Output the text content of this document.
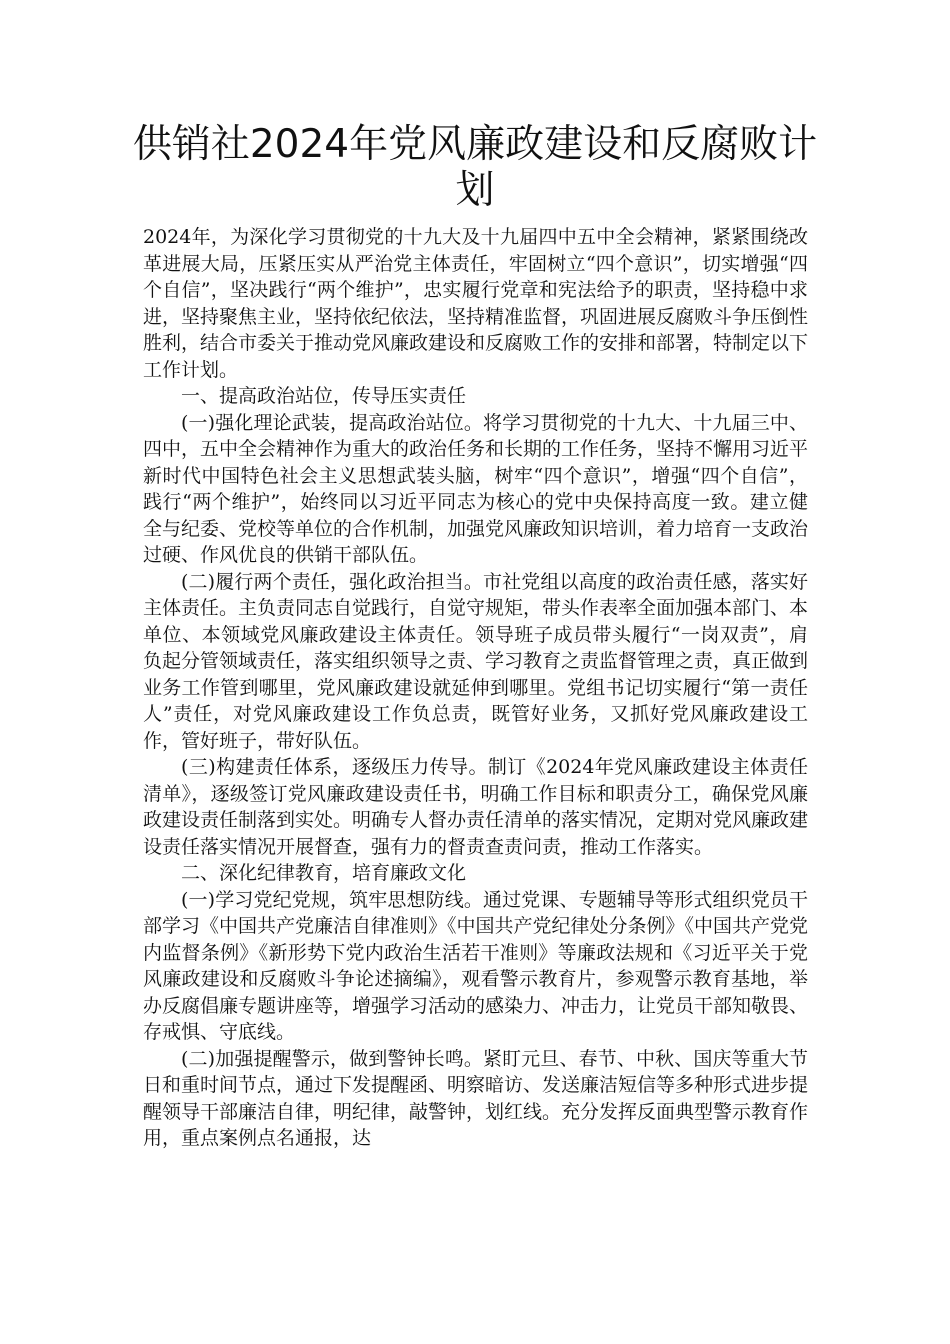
供销社2024年党风廉政建设和反腐败计划

2024年，为深化学习贯彻党的十九大及十九届四中五中全会精神，紧紧围绕改革进展大局，压紧压实从严治党主体责任，牢固树立“四个意识”，切实增强“四个自信”，坚决践行“两个维护”，忠实履行党章和宪法给予的职责，坚持稳中求进，坚持聚焦主业，坚持依纪依法，坚持精准监督，巩固进展反腐败斗争压倒性胜利，结合市委关于推动党风廉政建设和反腐败工作的安排和部署，特制定以下工作计划。

一、提高政治站位，传导压实责任

(一)强化理论武装，提高政治站位。将学习贯彻党的十九大、十九届三中、四中，五中全会精神作为重大的政治任务和长期的工作任务，坚持不懈用习近平新时代中国特色社会主义思想武装头脑，树牢“四个意识”，增强“四个自信”，践行“两个维护”，始终同以习近平同志为核心的党中央保持高度一致。建立健全与纪委、党校等单位的合作机制，加强党风廉政知识培训，着力培育一支政治过硬、作风优良的供销干部队伍。

(二)履行两个责任，强化政治担当。市社党组以高度的政治责任感，落实好主体责任。主负责同志自觉践行，自觉守规矩，带头作表率全面加强本部门、本单位、本领域党风廉政建设主体责任。领导班子成员带头履行“一岗双责”，肩负起分管领域责任，落实组织领导之责、学习教育之责监督管理之责，真正做到业务工作管到哪里，党风廉政建设就延伸到哪里。党组书记切实履行“第一责任人”责任，对党风廉政建设工作负总责，既管好业务，又抓好党风廉政建设工作，管好班子，带好队伍。

(三)构建责任体系，逐级压力传导。制订《2024年党风廉政建设主体责任清单》，逐级签订党风廉政建设责任书，明确工作目标和职责分工，确保党风廉政建设责任制落到实处。明确专人督办责任清单的落实情况，定期对党风廉政建设责任落实情况开展督查，强有力的督责查责问责，推动工作落实。

二、深化纪律教育，培育廉政文化

(一)学习党纪党规，筑牢思想防线。通过党课、专题辅导等形式组织党员干部学习《中国共产党廉洁自律准则》《中国共产党纪律处分条例》《中国共产党党内监督条例》《新形势下党内政治生活若干准则》等廉政法规和《习近平关于党风廉政建设和反腐败斗争论述摘编》，观看警示教育片，参观警示教育基地，举办反腐倡廉专题讲座等，增强学习活动的感染力、冲击力，让党员干部知敬畏、存戒惧、守底线。

(二)加强提醒警示，做到警钟长鸣。紧盯元旦、春节、中秋、国庆等重大节日和重时间节点，通过下发提醒函、明察暗访、发送廉洁短信等多种形式进步提醒领导干部廉洁自律，明纪律，敲警钟，划红线。充分发挥反面典型警示教育作用，重点案例点名通报，达
